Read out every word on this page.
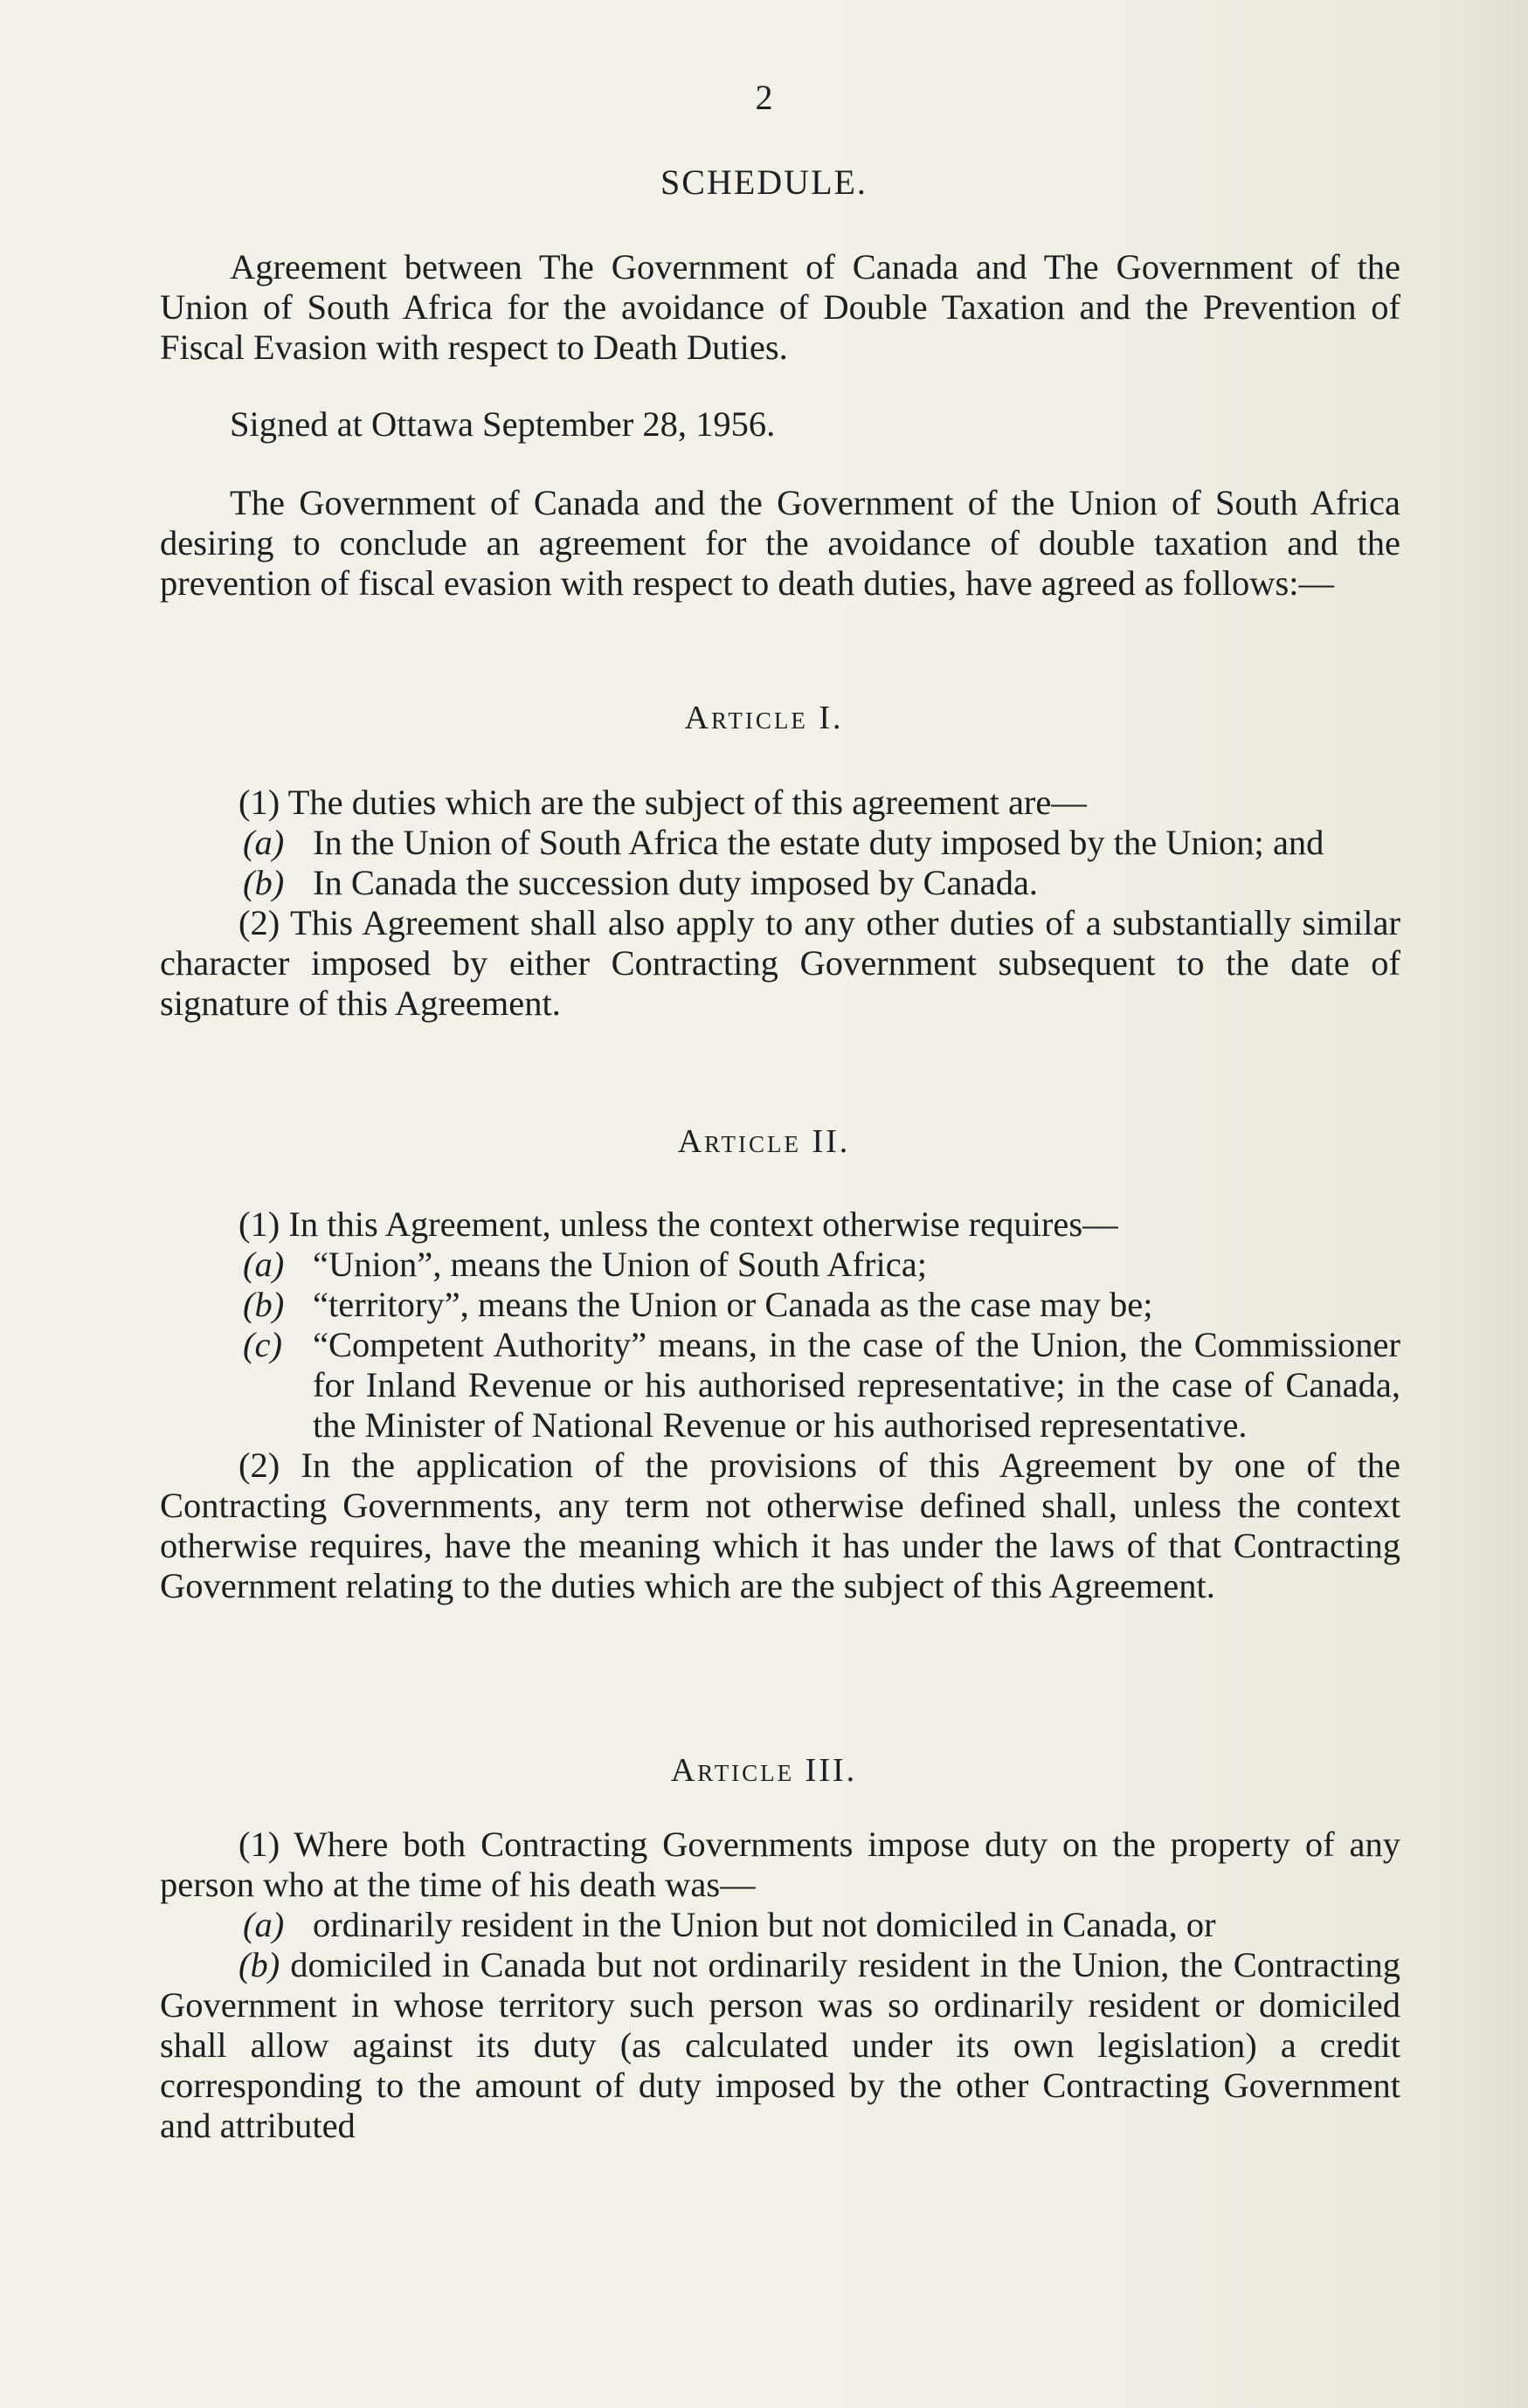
2
SCHEDULE.

Agreement between The Government of Canada and The Government of the Union of South Africa for the avoidance of Double Taxation and the Prevention of Fiscal Evasion with respect to Death Duties.

Signed at Ottawa September 28, 1956.

The Government of Canada and the Government of the Union of South Africa desiring to conclude an agreement for the avoidance of double taxation and the prevention of fiscal evasion with respect to death duties, have agreed as follows:—

Article I.

(1) The duties which are the subject of this agreement are—

(a) In the Union of South Africa the estate duty imposed by the Union; and

(b) In Canada the succession duty imposed by Canada.

(2) This Agreement shall also apply to any other duties of a substantially similar character imposed by either Contracting Government subsequent to the date of signature of this Agreement.

Article II.

(1) In this Agreement, unless the context otherwise requires—

(a) “Union”, means the Union of South Africa;

(b) “territory”, means the Union or Canada as the case may be;

(c) “Competent Authority” means, in the case of the Union, the Commissioner for Inland Revenue or his authorised representative; in the case of Canada, the Minister of National Revenue or his authorised representative.

(2) In the application of the provisions of this Agreement by one of the Contracting Governments, any term not otherwise defined shall, unless the context otherwise requires, have the meaning which it has under the laws of that Contracting Government relating to the duties which are the subject of this Agreement.

Article III.

(1) Where both Contracting Governments impose duty on the property of any person who at the time of his death was—

(a) ordinarily resident in the Union but not domiciled in Canada, or

(b) domiciled in Canada but not ordinarily resident in the Union, the Contracting Government in whose territory such person was so ordinarily resident or domiciled shall allow against its duty (as calculated under its own legislation) a credit corresponding to the amount of duty imposed by the other Contracting Government and attributed
